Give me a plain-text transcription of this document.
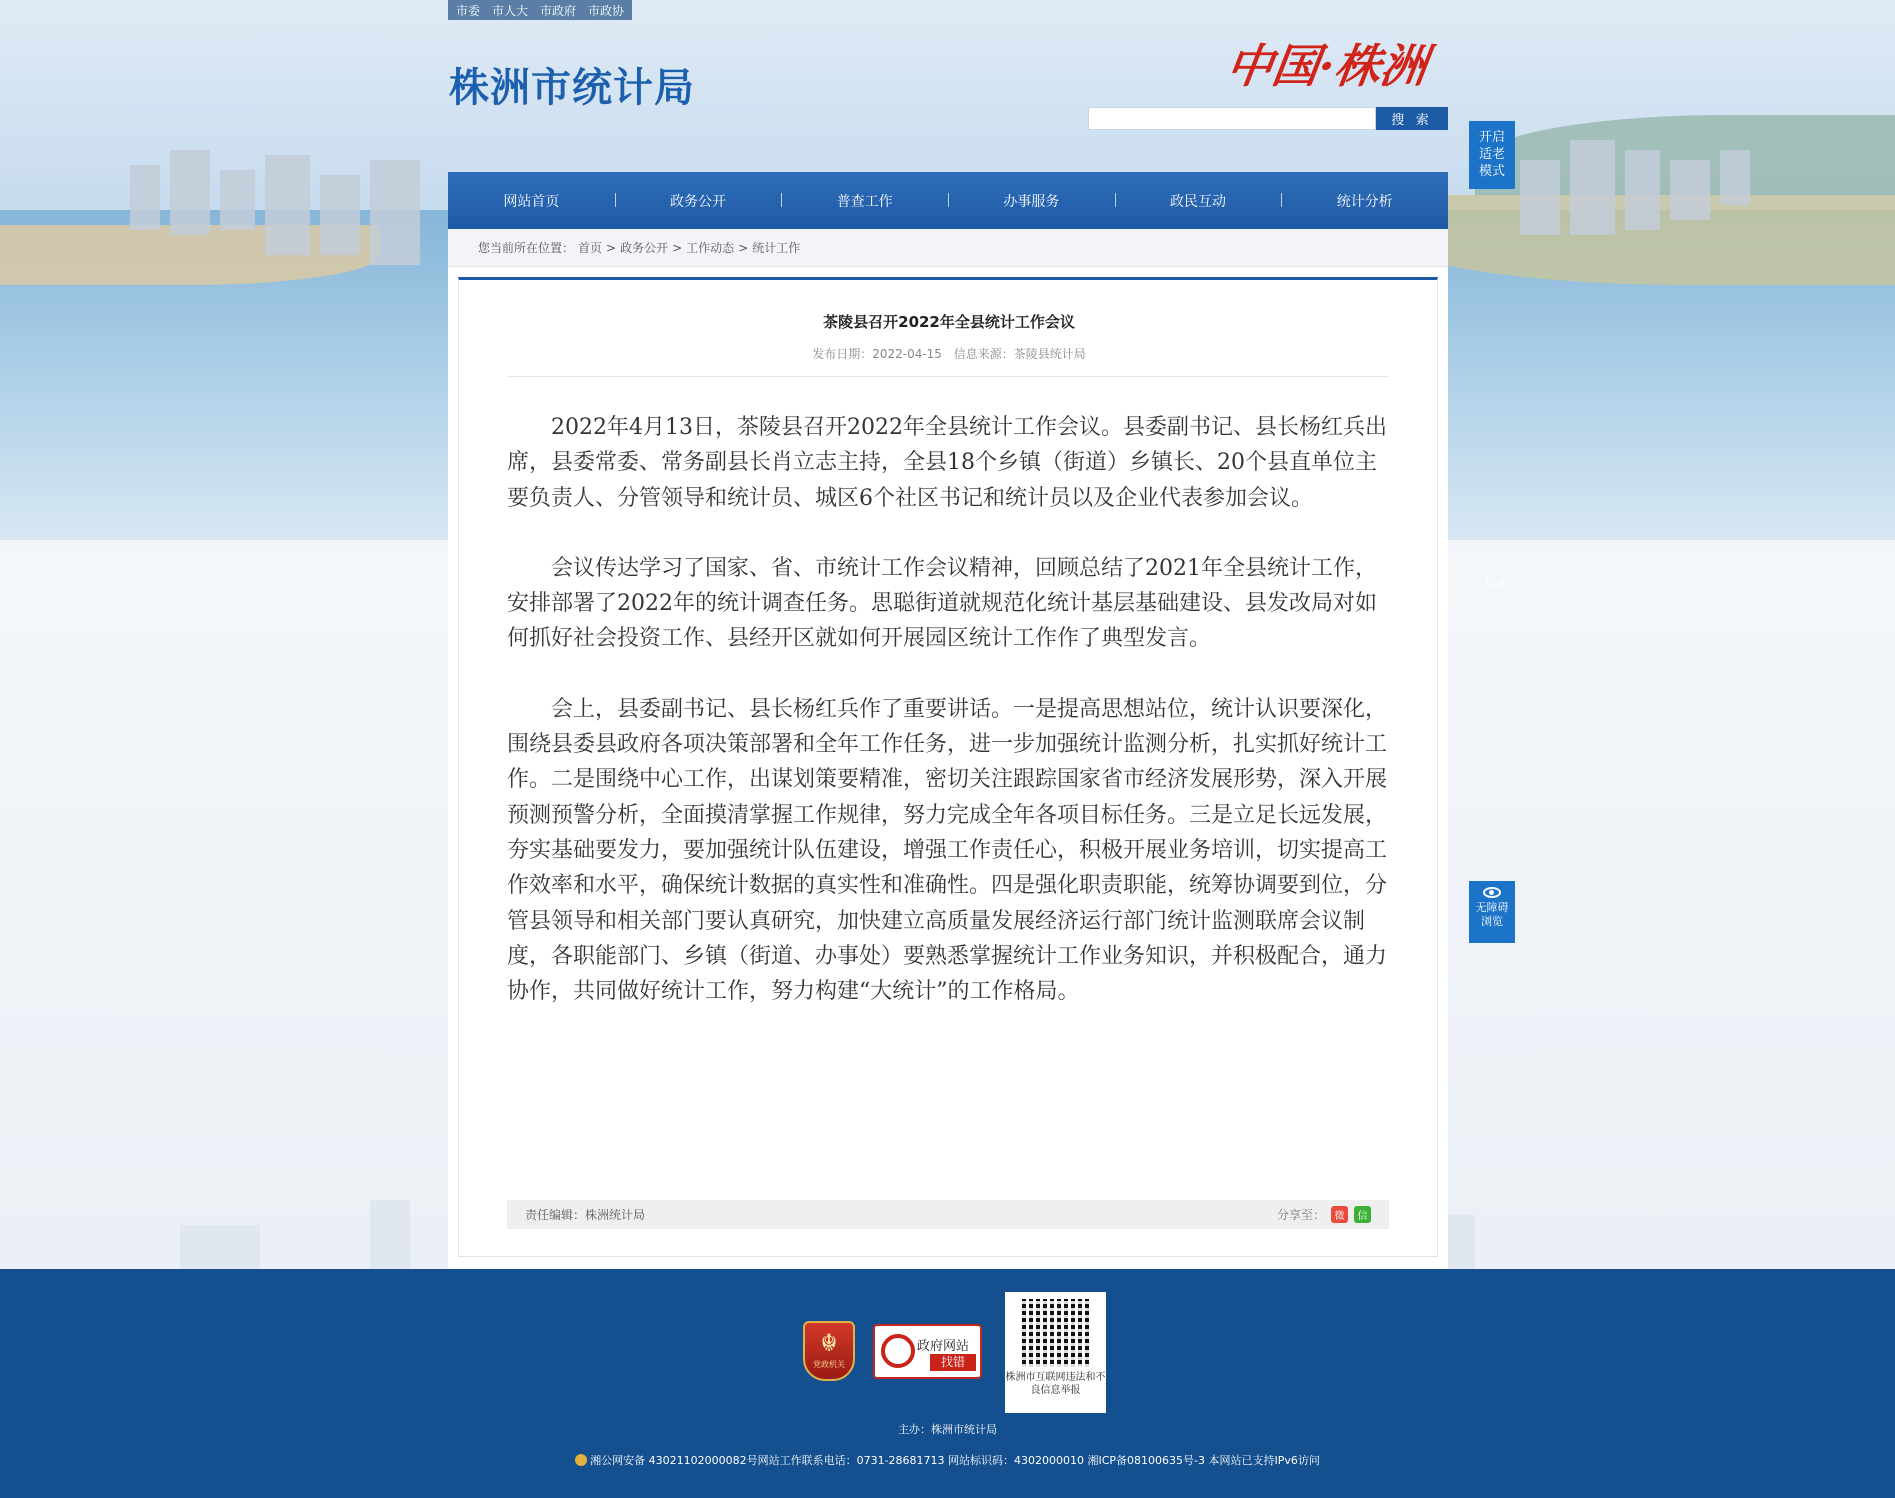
市委 市人大 市政府 市政协
株洲市统计局	中国·株洲
搜 索
开启
适老
模式
更多
无障碍
浏览
网站首页	政务公开	普查工作	办事服务	政民互动	统计分析
您当前所在位置： 首页 > 政务公开 > 工作动态 > 统计工作
茶陵县召开2022年全县统计工作会议
发布日期：2022-04-15 信息来源：茶陵县统计局

2022年4月13日，茶陵县召开2022年全县统计工作会议。县委副书记、县长杨红兵出席，县委常委、常务副县长肖立志主持，全县18个乡镇（街道）乡镇长、20个县直单位主要负责人、分管领导和统计员、城区6个社区书记和统计员以及企业代表参加会议。

会议传达学习了国家、省、市统计工作会议精神，回顾总结了2021年全县统计工作，安排部署了2022年的统计调查任务。思聪街道就规范化统计基层基础建设、县发改局对如何抓好社会投资工作、县经开区就如何开展园区统计工作作了典型发言。

会上，县委副书记、县长杨红兵作了重要讲话。一是提高思想站位，统计认识要深化，围绕县委县政府各项决策部署和全年工作任务，进一步加强统计监测分析，扎实抓好统计工作。二是围绕中心工作，出谋划策要精准，密切关注跟踪国家省市经济发展形势，深入开展预测预警分析，全面摸清掌握工作规律，努力完成全年各项目标任务。三是立足长远发展，夯实基础要发力，要加强统计队伍建设，增强工作责任心，积极开展业务培训，切实提高工作效率和水平，确保统计数据的真实性和准确性。四是强化职责职能，统筹协调要到位，分管县领导和相关部门要认真研究，加快建立高质量发展经济运行部门统计监测联席会议制度，各职能部门、乡镇（街道、办事处）要熟悉掌握统计工作业务知识，并积极配合，通力协作，共同做好统计工作，努力构建“大统计”的工作格局。

责任编辑：株洲统计局	分享至： 微	信
☬
党政机关
政府网站
找错
株洲市互联网违法和不良信息举报
主办：株洲市统计局
湘公网安备 43021102000082号网站工作联系电话：0731-28681713 网站标识码：4302000010 湘ICP备08100635号-3 本网站已支持IPv6访问
